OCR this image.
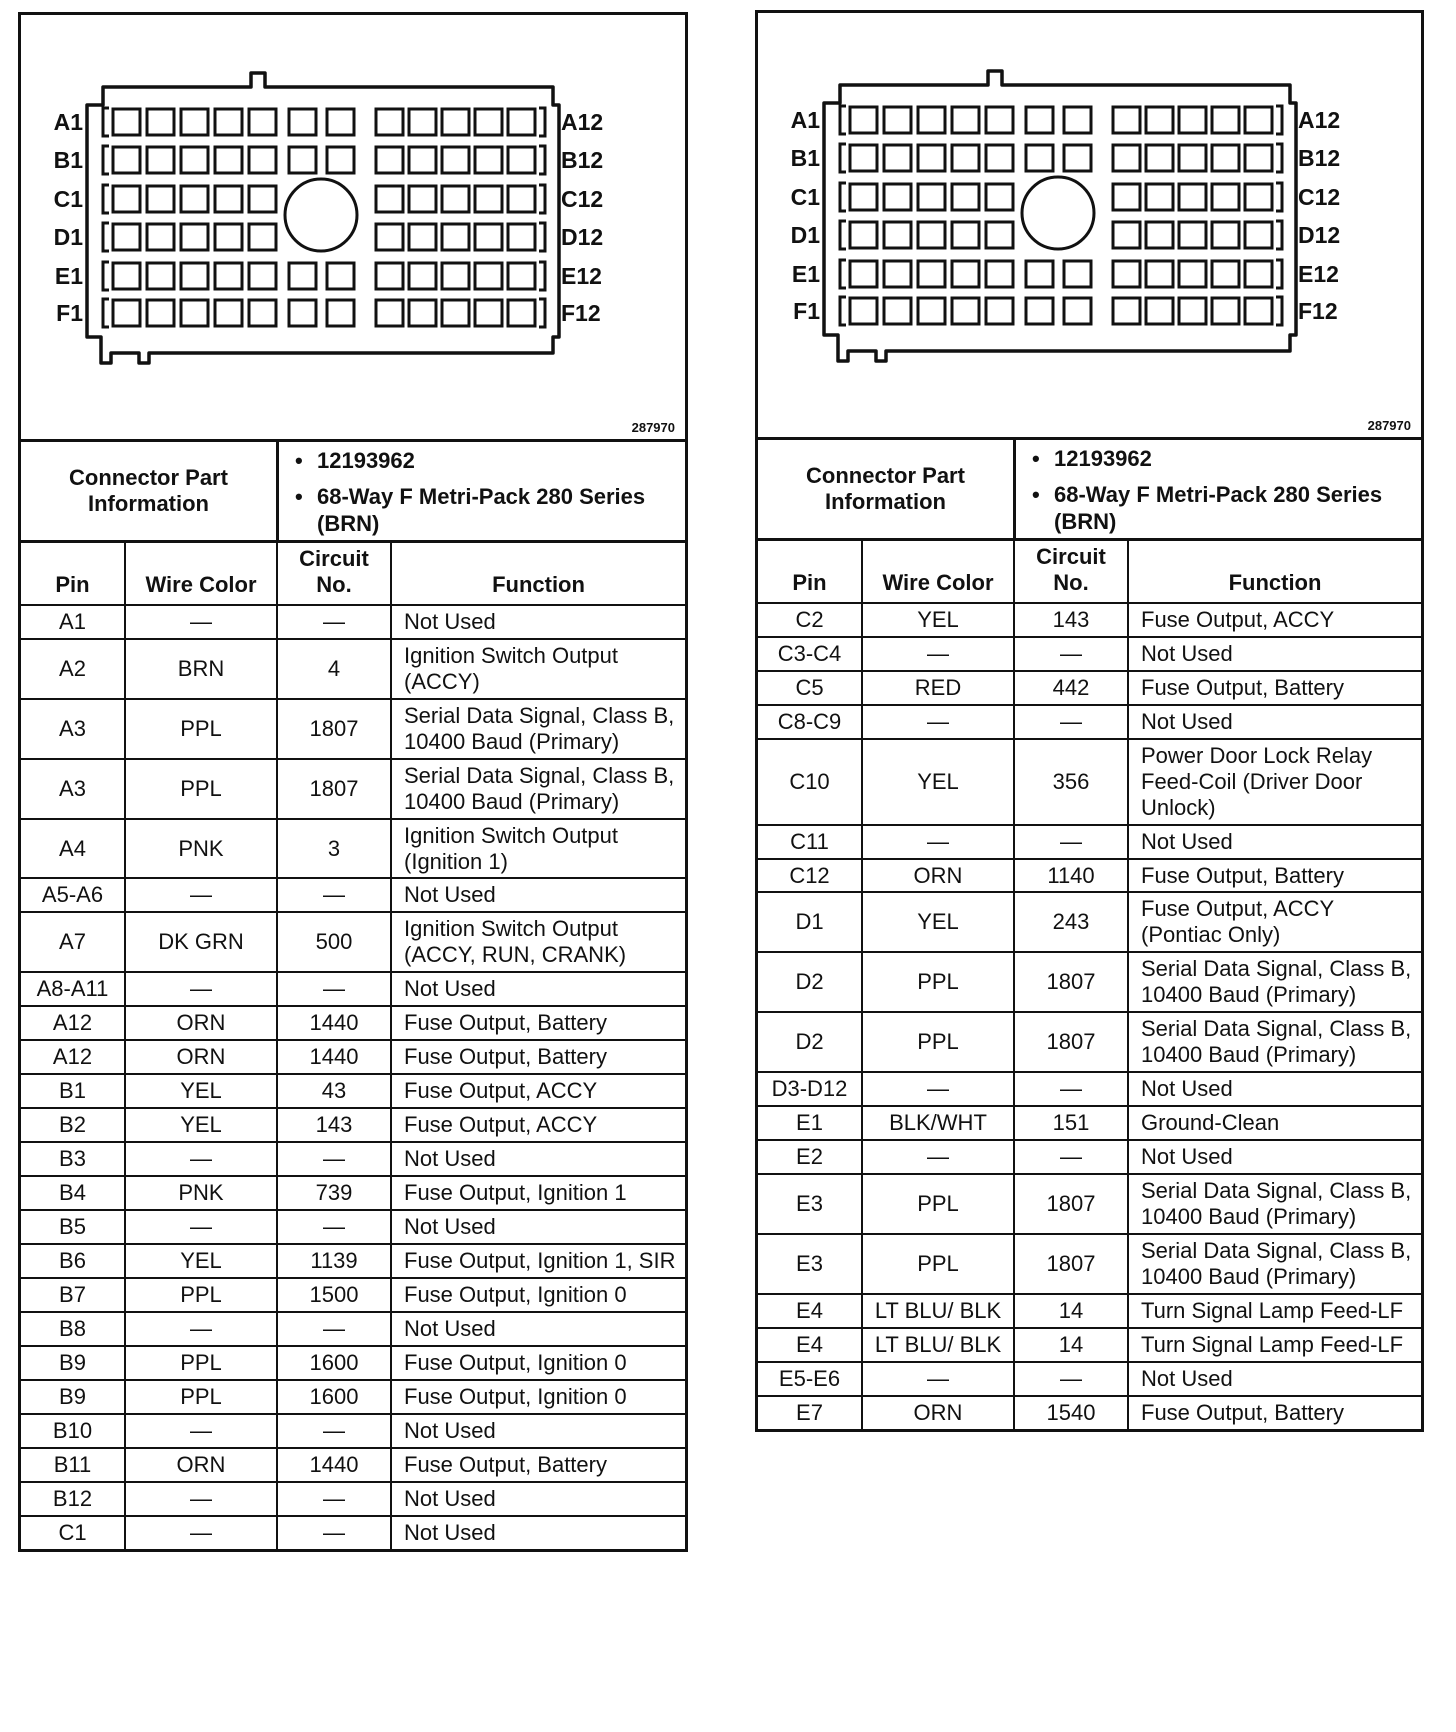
A1	A12
B1	B12
C1	C12
D1	D12
E1	E12
F1	F12
287970
Connector Part Information
• 12193962
• 68-Way F Metri-Pack 280 Series (BRN)
Pin	Wire Color	Circuit No.	Function
A1	—	—	Not Used
A2	BRN	4	Ignition Switch Output (ACCY)
A3	PPL	1807	Serial Data Signal, Class B, 10400 Baud (Primary)
A3	PPL	1807	Serial Data Signal, Class B, 10400 Baud (Primary)
A4	PNK	3	Ignition Switch Output (Ignition 1)
A5-A6	—	—	Not Used
A7	DK GRN	500	Ignition Switch Output (ACCY, RUN, CRANK)
A8-A11	—	—	Not Used
A12	ORN	1440	Fuse Output, Battery
A12	ORN	1440	Fuse Output, Battery
B1	YEL	43	Fuse Output, ACCY
B2	YEL	143	Fuse Output, ACCY
B3	—	—	Not Used
B4	PNK	739	Fuse Output, Ignition 1
B5	—	—	Not Used
B6	YEL	1139	Fuse Output, Ignition 1, SIR
B7	PPL	1500	Fuse Output, Ignition 0
B8	—	—	Not Used
B9	PPL	1600	Fuse Output, Ignition 0
B9	PPL	1600	Fuse Output, Ignition 0
B10	—	—	Not Used
B11	ORN	1440	Fuse Output, Battery
B12	—	—	Not Used
C1	—	—	Not Used
A1	A12
B1	B12
C1	C12
D1	D12
E1	E12
F1	F12
287970
Connector Part Information
• 12193962
• 68-Way F Metri-Pack 280 Series (BRN)
Pin	Wire Color	Circuit No.	Function
C2	YEL	143	Fuse Output, ACCY
C3-C4	—	—	Not Used
C5	RED	442	Fuse Output, Battery
C8-C9	—	—	Not Used
C10	YEL	356	Power Door Lock Relay Feed-Coil (Driver Door Unlock)
C11	—	—	Not Used
C12	ORN	1140	Fuse Output, Battery
D1	YEL	243	Fuse Output, ACCY (Pontiac Only)
D2	PPL	1807	Serial Data Signal, Class B, 10400 Baud (Primary)
D2	PPL	1807	Serial Data Signal, Class B, 10400 Baud (Primary)
D3-D12	—	—	Not Used
E1	BLK/WHT	151	Ground-Clean
E2	—	—	Not Used
E3	PPL	1807	Serial Data Signal, Class B, 10400 Baud (Primary)
E3	PPL	1807	Serial Data Signal, Class B, 10400 Baud (Primary)
E4	LT BLU/ BLK	14	Turn Signal Lamp Feed-LF
E4	LT BLU/ BLK	14	Turn Signal Lamp Feed-LF
E5-E6	—	—	Not Used
E7	ORN	1540	Fuse Output, Battery
